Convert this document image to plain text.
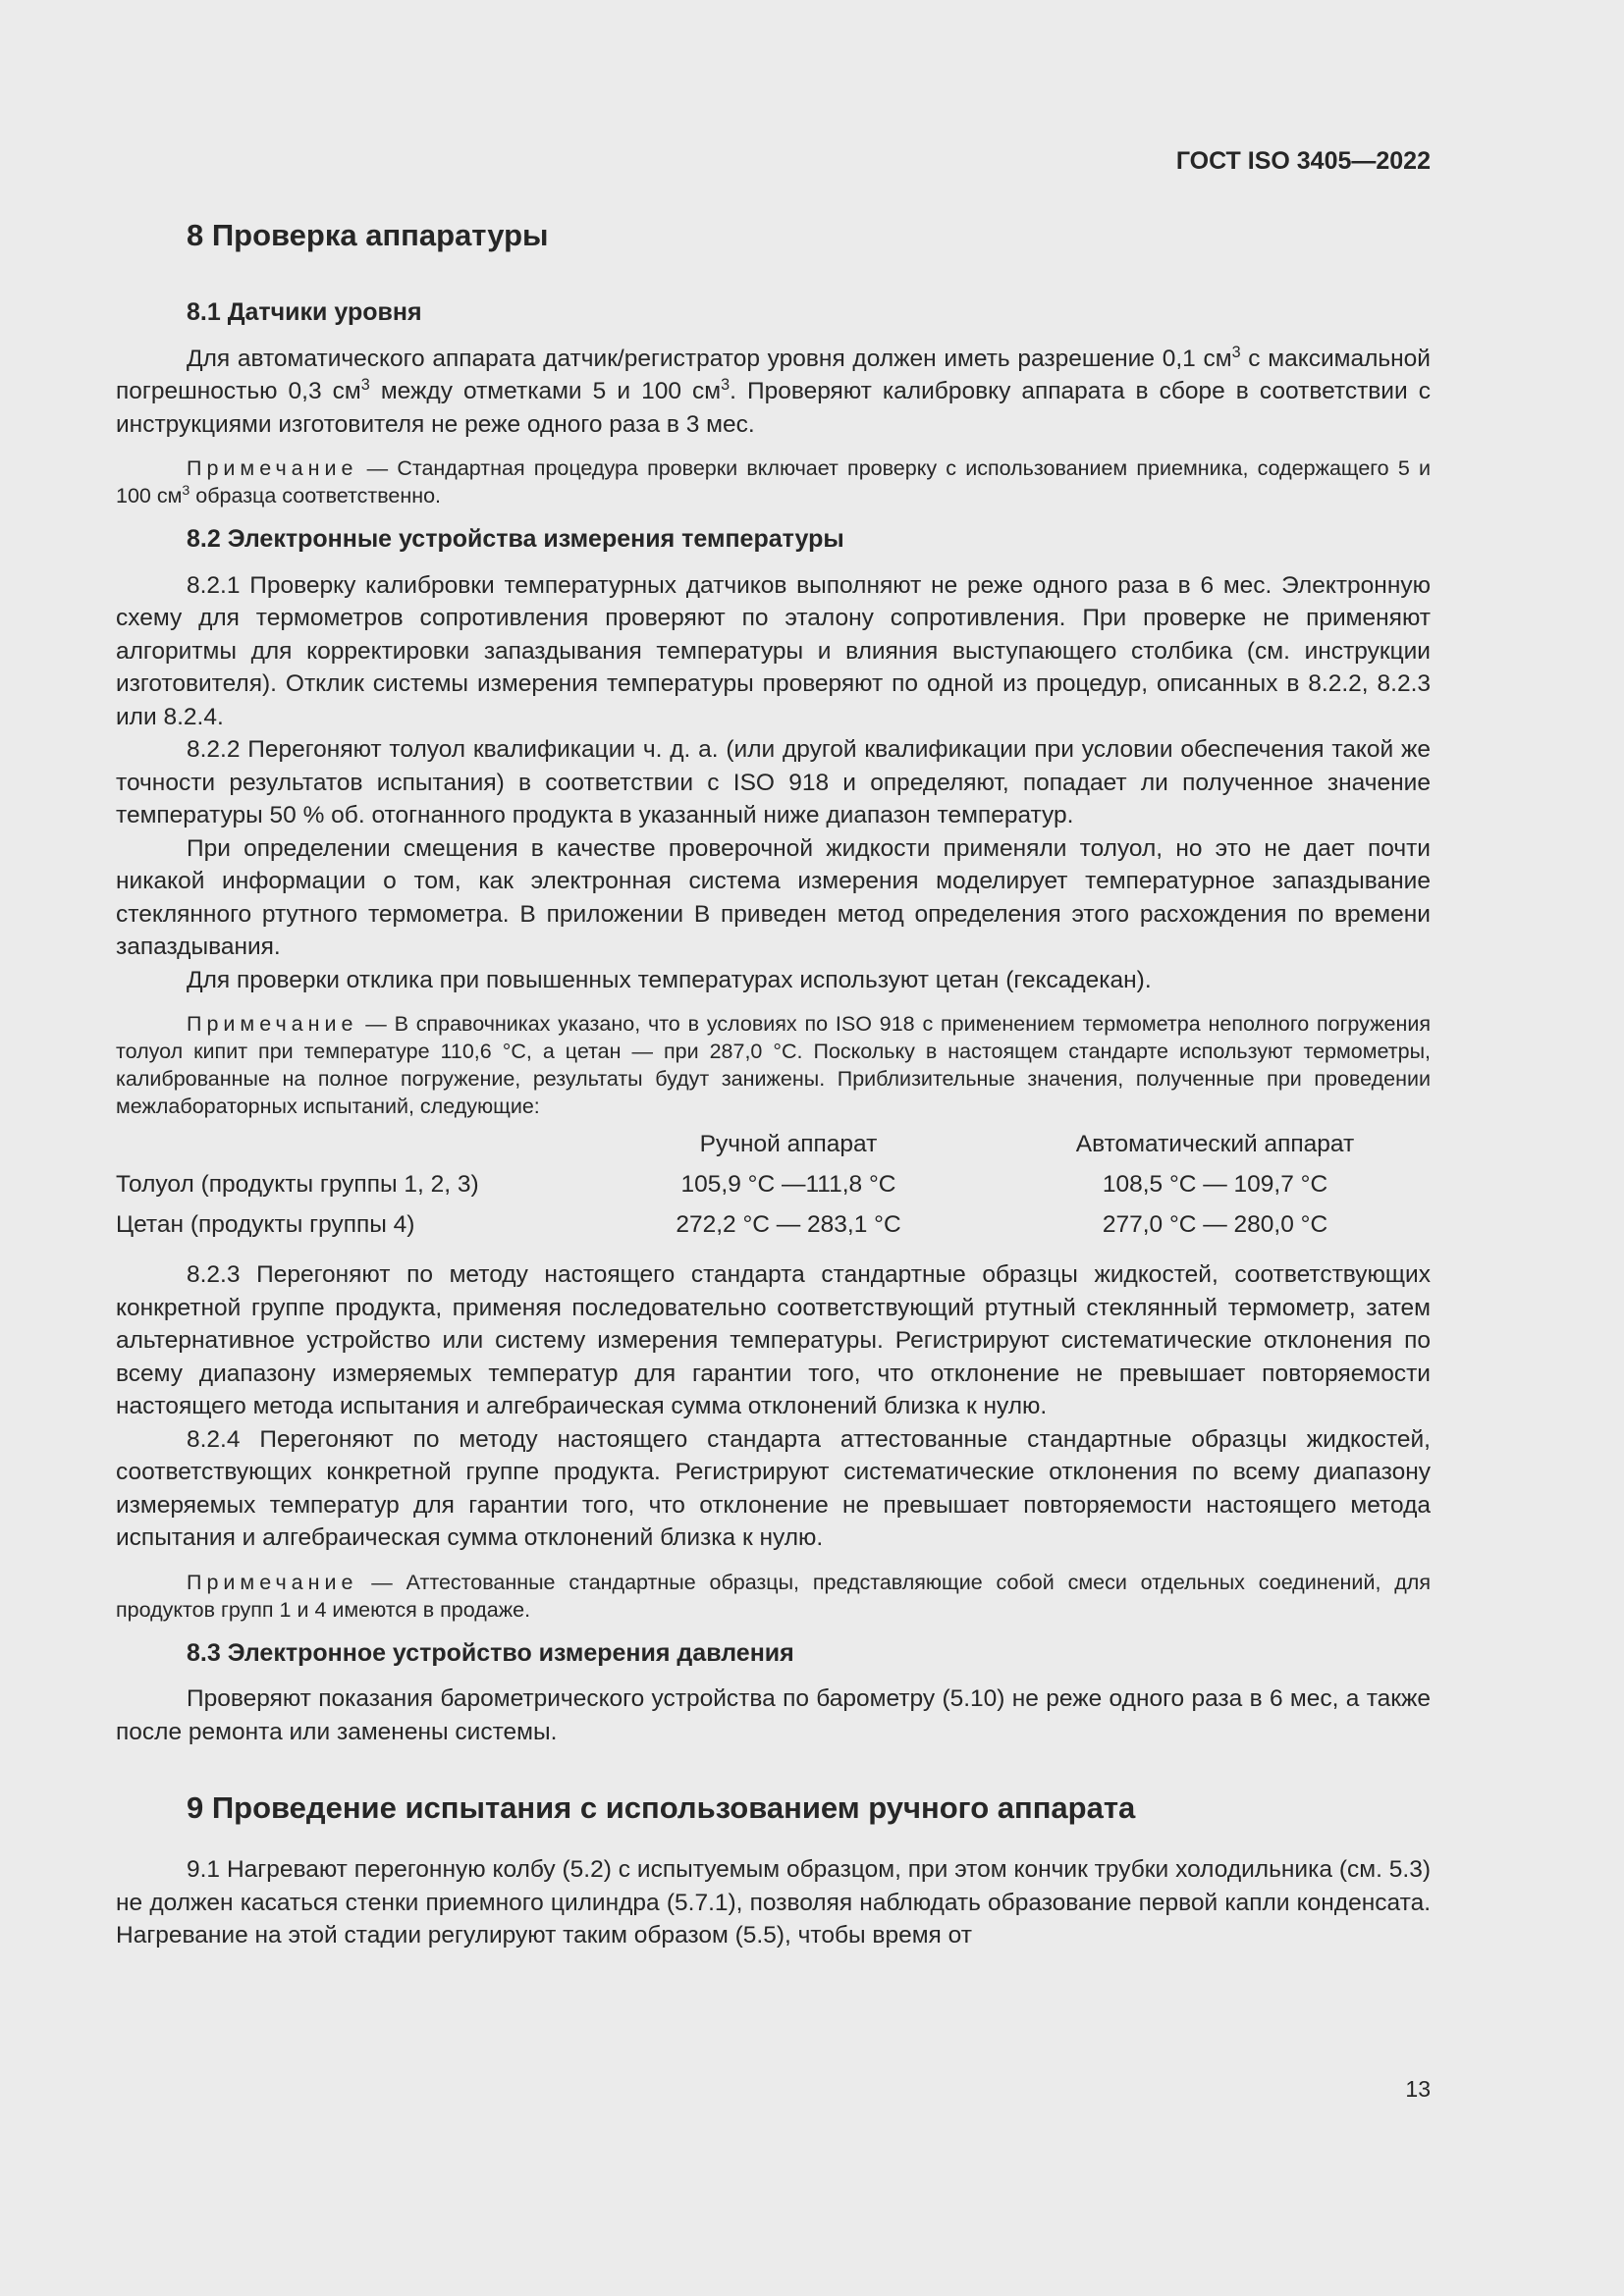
ГОСТ ISO 3405—2022
8 Проверка аппаратуры
8.1 Датчики уровня

Для автоматического аппарата датчик/регистратор уровня должен иметь разрешение 0,1 $см^3$ с максимальной погрешностью 0,3 $см^3$ между отметками 5 и 100 $см^3$. Проверяют калибровку аппарата в сборе в соответствии с инструкциями изготовителя не реже одного раза в 3 мес.

Примечание — Стандартная процедура проверки включает проверку с использованием приемника, содержащего 5 и 100 $см^3$ образца соответственно.
8.2 Электронные устройства измерения температуры

8.2.1 Проверку калибровки температурных датчиков выполняют не реже одного раза в 6 мес. Электронную схему для термометров сопротивления проверяют по эталону сопротивления. При проверке не применяют алгоритмы для корректировки запаздывания температуры и влияния выступающего столбика (см. инструкции изготовителя). Отклик системы измерения температуры проверяют по одной из процедур, описанных в 8.2.2, 8.2.3 или 8.2.4.

8.2.2 Перегоняют толуол квалификации ч. д. а. (или другой квалификации при условии обеспечения такой же точности результатов испытания) в соответствии с ISO 918 и определяют, попадает ли полученное значение температуры 50 % об. отогнанного продукта в указанный ниже диапазон температур.

При определении смещения в качестве проверочной жидкости применяли толуол, но это не дает почти никакой информации о том, как электронная система измерения моделирует температурное запаздывание стеклянного ртутного термометра. В приложении В приведен метод определения этого расхождения по времени запаздывания.

Для проверки отклика при повышенных температурах используют цетан (гексадекан).

Примечание — В справочниках указано, что в условиях по ISO 918 с применением термометра неполного погружения толуол кипит при температуре 110,6 °C, а цетан — при 287,0 °C. Поскольку в настоящем стандарте используют термометры, калиброванные на полное погружение, результаты будут занижены. Приблизительные значения, полученные при проведении межлабораторных испытаний, следующие:
	Ручной аппарат	Автоматический аппарат
Толуол (продукты группы 1, 2, 3)	105,9 °C —111,8 °C	108,5 °C — 109,7 °C
Цетан (продукты группы 4)	272,2 °C — 283,1 °C	277,0 °C — 280,0 °C

8.2.3 Перегоняют по методу настоящего стандарта стандартные образцы жидкостей, соответствующих конкретной группе продукта, применяя последовательно соответствующий ртутный стеклянный термометр, затем альтернативное устройство или систему измерения температуры. Регистрируют систематические отклонения по всему диапазону измеряемых температур для гарантии того, что отклонение не превышает повторяемости настоящего метода испытания и алгебраическая сумма отклонений близка к нулю.

8.2.4 Перегоняют по методу настоящего стандарта аттестованные стандартные образцы жидкостей, соответствующих конкретной группе продукта. Регистрируют систематические отклонения по всему диапазону измеряемых температур для гарантии того, что отклонение не превышает повторяемости настоящего метода испытания и алгебраическая сумма отклонений близка к нулю.

Примечание — Аттестованные стандартные образцы, представляющие собой смеси отдельных соединений, для продуктов групп 1 и 4 имеются в продаже.
8.3 Электронное устройство измерения давления

Проверяют показания барометрического устройства по барометру (5.10) не реже одного раза в 6 мес, а также после ремонта или заменены системы.

9 Проведение испытания с использованием ручного аппарата

9.1 Нагревают перегонную колбу (5.2) с испытуемым образцом, при этом кончик трубки холодильника (см. 5.3) не должен касаться стенки приемного цилиндра (5.7.1), позволяя наблюдать образование первой капли конденсата. Нагревание на этой стадии регулируют таким образом (5.5), чтобы время от

13
